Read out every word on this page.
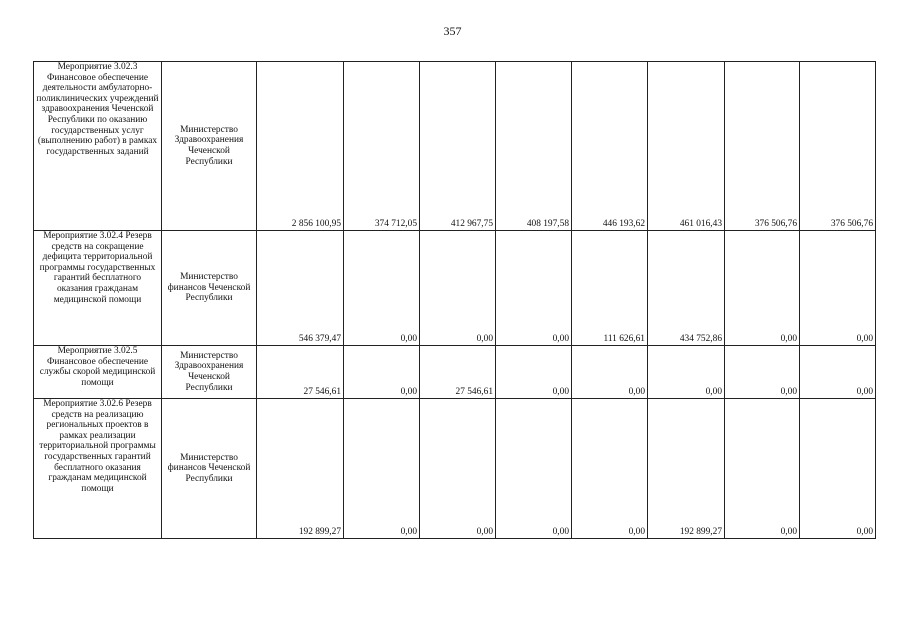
357
Мероприятие 3.02.3 Финансовое обеспечение деятельности амбулаторно-поликлинических учреждений здравоохранения Чеченской Республики по оказанию государственных услуг (выполнению работ) в рамках государственных заданий	Министерство Здравоохранения Чеченской Республики	2 856 100,95	374 712,05	412 967,75	408 197,58	446 193,62	461 016,43	376 506,76	376 506,76
Мероприятие 3.02.4 Резерв средств на сокращение дефицита территориальной программы государственных гарантий бесплатного оказания гражданам медицинской помощи	Министерство финансов Чеченской Республики	546 379,47	0,00	0,00	0,00	111 626,61	434 752,86	0,00	0,00
Мероприятие 3.02.5 Финансовое обеспечение службы скорой медицинской помощи	Министерство Здравоохранения Чеченской Республики	27 546,61	0,00	27 546,61	0,00	0,00	0,00	0,00	0,00
Мероприятие 3.02.6 Резерв средств на реализацию региональных проектов в рамках реализации территориальной программы государственных гарантий бесплатного оказания гражданам медицинской помощи	Министерство финансов Чеченской Республики	192 899,27	0,00	0,00	0,00	0,00	192 899,27	0,00	0,00
